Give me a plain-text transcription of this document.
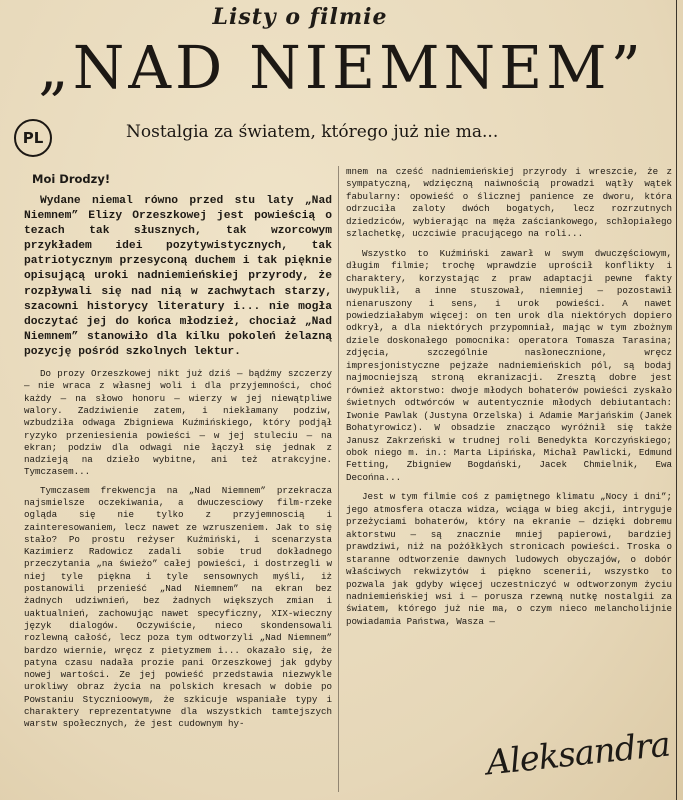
Listy o filmie
„NAD NIEMNEM”
PL	Nostalgia za światem, którego już nie ma...
Moi Drodzy!

Wydane niemal równo przed stu laty „Nad Niemnem” Elizy Orzeszkowej jest powieścią o tezach tak słusznych, tak wzorcowym przykładem idei pozytywistycznych, tak patriotycznym przesyconą duchem i tak pięknie opisującą uroki nadniemieńskiej przyrody, że rozpływali się nad nią w zachwytach starzy, szacowni historycy literatury i... nie mogła doczytać jej do końca młodzież, chociaż „Nad Niemnem” stanowiło dla kilku pokoleń żelazną pozycję pośród szkolnych lektur.

Do prozy Orzeszkowej nikt już dziś — bądźmy szczerzy — nie wraca z własnej woli i dla przyjemności, choć każdy — na słowo honoru — wierzy w jej niewątpliwe walory. Zadziwienie zatem, i niekłamany podziw, wzbudziła odwaga Zbigniewa Kuźmińskiego, który podjął ryzyko przeniesienia powieści — w jej stuleciu — na ekran; podziw dla odwagi nie łączył się jednak z nadzieją na dzieło wybitne, ani też atrakcyjne. Tymczasem...

Tymczasem frekwencja na „Nad Niemnem” przekracza najsmielsze oczekiwania, a dwuczesciowy film-rzeke ogląda się nie tylko z przyjemnoscią i zainteresowaniem, lecz nawet ze wzruszeniem. Jak to się stało? Po prostu reżyser Kuźmiński, i scenarzysta Kazimierz Radowicz zadali sobie trud dokładnego przeczytania „na świeżo” całej powieści, i dostrzegli w niej tyle piękna i tyle sensownych myśli, iż postanowili przenieść „Nad Niemnem” na ekran bez żadnych udziwnień, bez żadnych większych zmian i uaktualnień, zachowując nawet specyficzny, XIX-wieczny język dialogów. Oczywiście, nieco skondensowali rozlewną całość, lecz poza tym odtworzyli „Nad Niemnem” bardzo wiernie, wręcz z pietyzmem i... okazało się, że patyna czasu nadała prozie pani Orzeszkowej jak gdyby nowej wartości. Ze jej powieść przedstawia niezwykle urokliwy obraz życia na polskich kresach w dobie po Powstaniu Stycznioowym, że szkicuje wspaniałe typy i charaktery reprezentatywne dla wszystkich tamtejszych warstw społecznych, że jest cudownym hy-

mnem na cześć nadniemieńskiej przyrody i wreszcie, że z sympatyczną, wdzięczną naiwnością prowadzi wątły wątek fabularny: opowieść o ślicznej panience ze dworu, która odrzuciła zaloty dwóch bogatych, lecz rozrzutnych dziedziców, wybierając na męża zaściankowego, schłopiałego szlachetkę, uczciwie pracującego na roli...

Wszystko to Kuźmiński zawarł w swym dwuczęściowym, długim filmie; trochę wprawdzie uprościł konflikty i charaktery, korzystając z praw adaptacji pewne fakty uwypuklił, a inne stuszował, niemniej — pozostawił nienaruszony i sens, i urok powieści. A nawet powiedziałabym więcej: on ten urok dla niektórych dopiero odkrył, a dla niektórych przypomniał, mając w tym zbożnym dziele doskonałego pomocnika: operatora Tomasza Tarasina; zdjęcia, szczególnie nasłonecznione, wręcz impresjonistyczne pejzaże nadniemieńskich pól, są bodaj najmocniejszą stroną ekranizacji. Zresztą dobre jest również aktorstwo: dwoje młodych bohaterów powieści zyskało świetnych odtwórców w autentycznie młodych debiutantach: Iwonie Pawlak (Justyna Orzelska) i Adamie Marjańskim (Janek Bohatyrowicz). W obsadzie znacząco wyróżnił się także Janusz Zakrzeński w trudnej roli Benedykta Korczyńskiego; obok niego m. in.: Marta Lipińska, Michał Pawlicki, Edmund Fetting, Zbigniew Bogdański, Jacek Chmielnik, Ewa Decońna...

Jest w tym filmie coś z pamiętnego klimatu „Nocy i dni”; jego atmosfera otacza widza, wciąga w bieg akcji, intryguje przeżyciami bohaterów, który na ekranie — dzięki dobremu aktorstwu — są znacznie mniej papierowi, bardziej prawdziwi, niż na pożółkłych stronicach powieści. Troska o staranne odtworzenie dawnych ludowych obyczajów, o dobór właściwych rekwizytów i piękno scenerii, wszystko to pozwala jak gdyby więcej uczestniczyć w odtworzonym życiu nadniemieńskiej wsi i — porusza rzewną nutkę nostalgii za światem, którego już nie ma, o czym nieco melancholijnie powiadamia Państwa, Wasza —

Aleksandra
